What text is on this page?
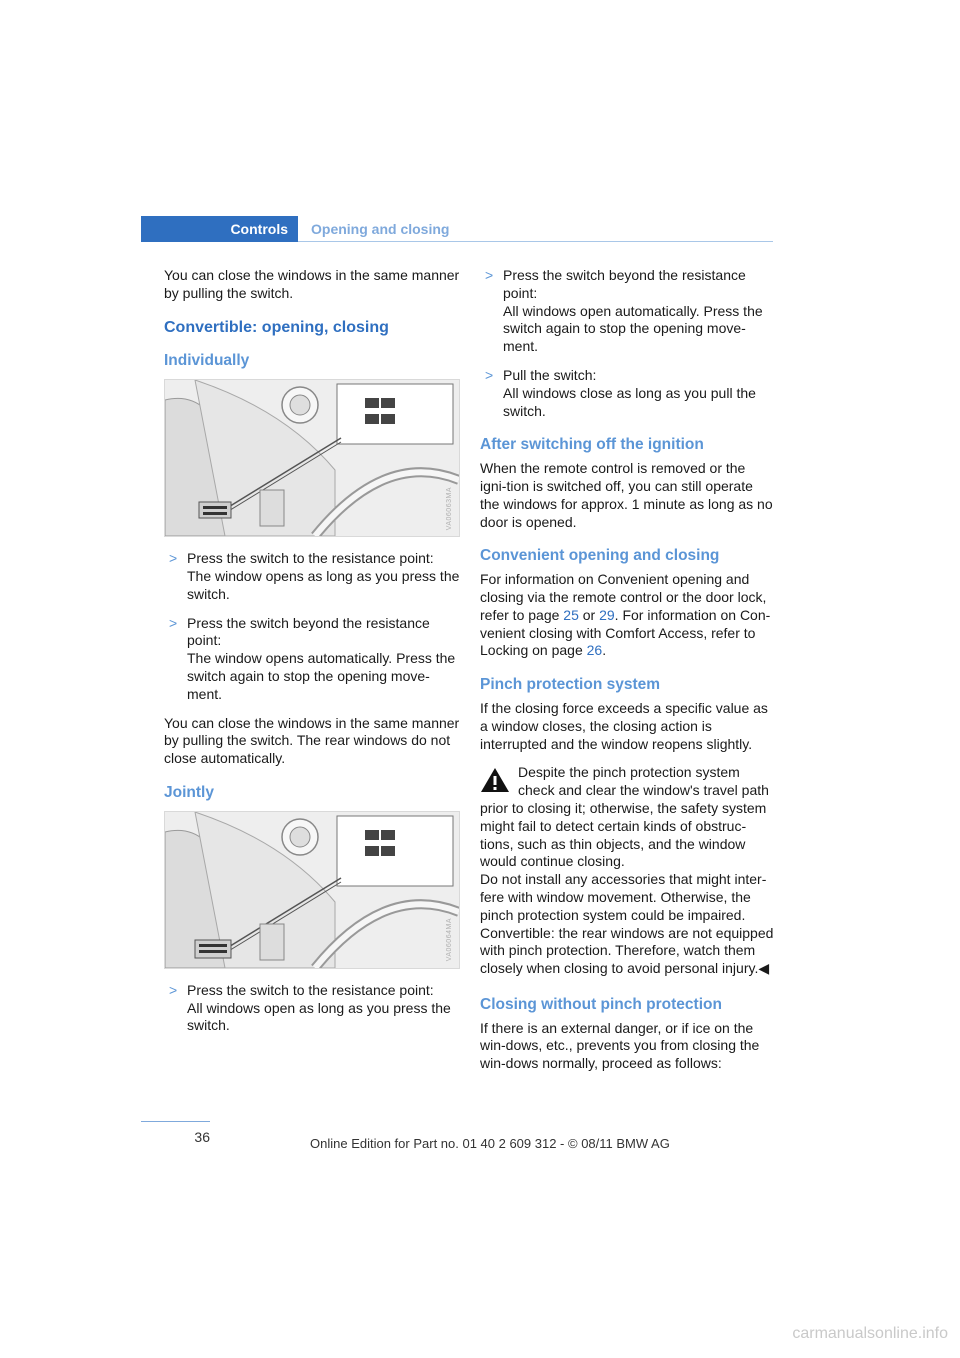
Controls	Opening and closing

You can close the windows in the same manner by pulling the switch.

Convertible: opening, closing
Individually
VA06063MA
> Press the switch to the resistance point:
The window opens as long as you press the switch.
> Press the switch beyond the resistance point:
The window opens automatically. Press the switch again to stop the opening move-ment.

You can close the windows in the same manner by pulling the switch. The rear windows do not close automatically.

Jointly
VA06064MA
> Press the switch to the resistance point:
All windows open as long as you press the switch.
> Press the switch beyond the resistance point:
All windows open automatically. Press the switch again to stop the opening move-ment.
> Pull the switch:
All windows close as long as you pull the switch.
After switching off the ignition

When the remote control is removed or the igni-tion is switched off, you can still operate the windows for approx. 1 minute as long as no door is opened.

Convenient opening and closing

For information on Convenient opening and closing via the remote control or the door lock, refer to page 25 or 29. For information on Con-venient closing with Comfort Access, refer to Locking on page 26.

Pinch protection system

If the closing force exceeds a specific value as a window closes, the closing action is interrupted and the window reopens slightly.

Despite the pinch protection system check and clear the window's travel path prior to closing it; otherwise, the safety system might fail to detect certain kinds of obstruc-tions, such as thin objects, and the window would continue closing.
Do not install any accessories that might inter-fere with window movement. Otherwise, the pinch protection system could be impaired.
Convertible: the rear windows are not equipped with pinch protection. Therefore, watch them closely when closing to avoid personal injury.◀
Closing without pinch protection

If there is an external danger, or if ice on the win-dows, etc., prevents you from closing the win-dows normally, proceed as follows:

36	Online Edition for Part no. 01 40 2 609 312 - © 08/11 BMW AG
carmanualsonline.info
